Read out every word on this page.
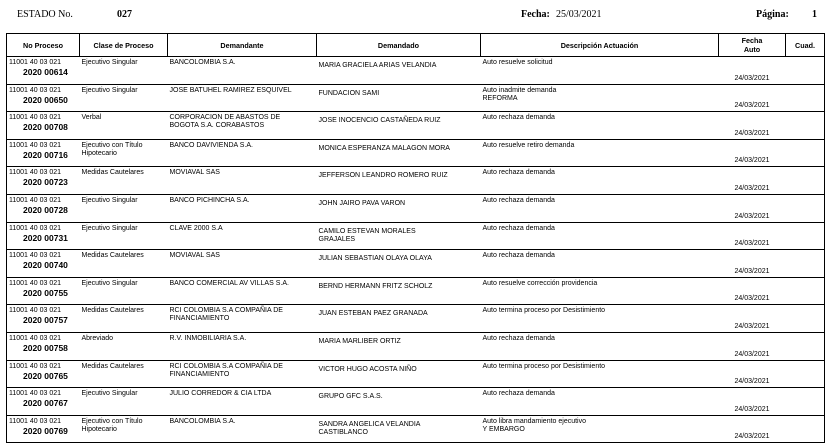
ESTADO No.	027	Fecha: 25/03/2021	Página: 1
No Proceso	Clase de Proceso	Demandante	Demandado	Descripción Actuación	Fecha
Auto	Cuad.

11001 40 03 021
2020 00614	Ejecutivo Singular	BANCOLOMBIA S.A.	MARIA GRACIELA ARIAS VELANDIA	Auto resuelve solicitud	24/03/2021	

11001 40 03 021
2020 00650	Ejecutivo Singular	JOSE BATUHEL RAMIREZ ESQUIVEL	FUNDACION SAMI	Auto inadmite demanda
REFORMA	24/03/2021	

11001 40 03 021
2020 00708	Verbal	CORPORACION DE ABASTOS DE
BOGOTA S.A. CORABASTOS	JOSE INOCENCIO CASTAÑEDA RUIZ	Auto rechaza demanda	24/03/2021	

11001 40 03 021
2020 00716	Ejecutivo con Título
Hipotecario	BANCO DAVIVIENDA S.A.	MONICA ESPERANZA MALAGON MORA	Auto resuelve retiro demanda	24/03/2021	

11001 40 03 021
2020 00723	Medidas Cautelares	MOVIAVAL SAS	JEFFERSON LEANDRO ROMERO RUIZ	Auto rechaza demanda	24/03/2021	

11001 40 03 021
2020 00728	Ejecutivo Singular	BANCO PICHINCHA S.A.	JOHN JAIRO PAVA VARON	Auto rechaza demanda	24/03/2021	

11001 40 03 021
2020 00731	Ejecutivo Singular	CLAVE 2000 S.A	CAMILO ESTEVAN MORALES
GRAJALES	Auto rechaza demanda	24/03/2021	

11001 40 03 021
2020 00740	Medidas Cautelares	MOVIAVAL SAS	JULIAN SEBASTIAN OLAYA OLAYA	Auto rechaza demanda	24/03/2021	

11001 40 03 021
2020 00755	Ejecutivo Singular	BANCO COMERCIAL AV VILLAS S.A.	BERND HERMANN FRITZ SCHOLZ	Auto resuelve corrección providencia	24/03/2021	

11001 40 03 021
2020 00757	Medidas Cautelares	RCI COLOMBIA S.A COMPAÑIA DE
FINANCIAMIENTO	JUAN ESTEBAN PAEZ GRANADA	Auto termina proceso por Desistimiento	24/03/2021	

11001 40 03 021
2020 00758	Abreviado	R.V. INMOBILIARIA S.A.	MARIA MARLIBER ORTIZ	Auto rechaza demanda	24/03/2021	

11001 40 03 021
2020 00765	Medidas Cautelares	RCI COLOMBIA S.A COMPAÑIA DE
FINANCIAMIENTO	VICTOR HUGO ACOSTA NIÑO	Auto termina proceso por Desistimiento	24/03/2021	

11001 40 03 021
2020 00767	Ejecutivo Singular	JULIO CORREDOR & CIA LTDA	GRUPO GFC S.A.S.	Auto rechaza demanda	24/03/2021	

11001 40 03 021
2020 00769	Ejecutivo con Título
Hipotecario	BANCOLOMBIA S.A.	SANDRA ANGELICA VELANDIA
CASTIBLANCO	Auto libra mandamiento ejecutivo
Y EMBARGO	24/03/2021	
